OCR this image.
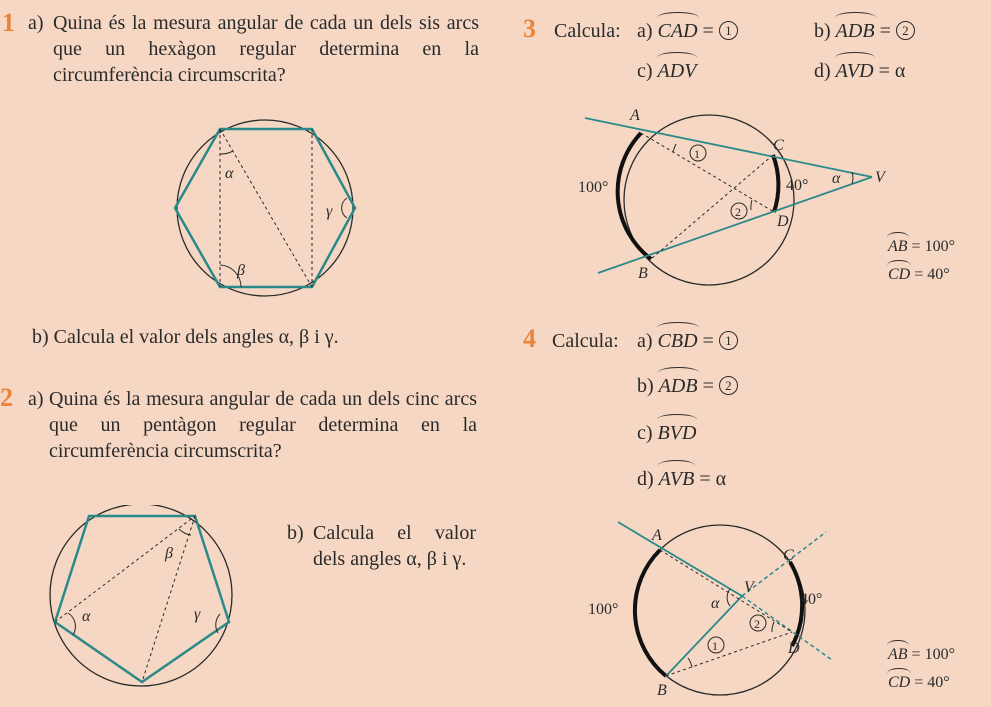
1 a) Quina és la mesura angular de cada un dels sis arcs que un hexàgon regular determina en la circumferència circumscrita?
α
β
γ
b) Calcula el valor dels angles α, β i γ.
2 a) Quina és la mesura angular de cada un dels cinc arcs que un pentàgon regular determina en la circumferència circumscrita?
α
β
γ
b) Calcula el valor dels angles α, β i γ.
3 Calcula: a) CAD = 1	b) ADB = 2
c) ADV	d) AVD = α
A
B
C
D
V
100°	40° α
1
2
AB = 100°
CD = 40°
4 Calcula: a) CBD = 1
b) ADB = 2
c) BVD
d) AVB = α
A
B
C
D
V
100°
40°
α
1
2
AB = 100°
CD = 40°
